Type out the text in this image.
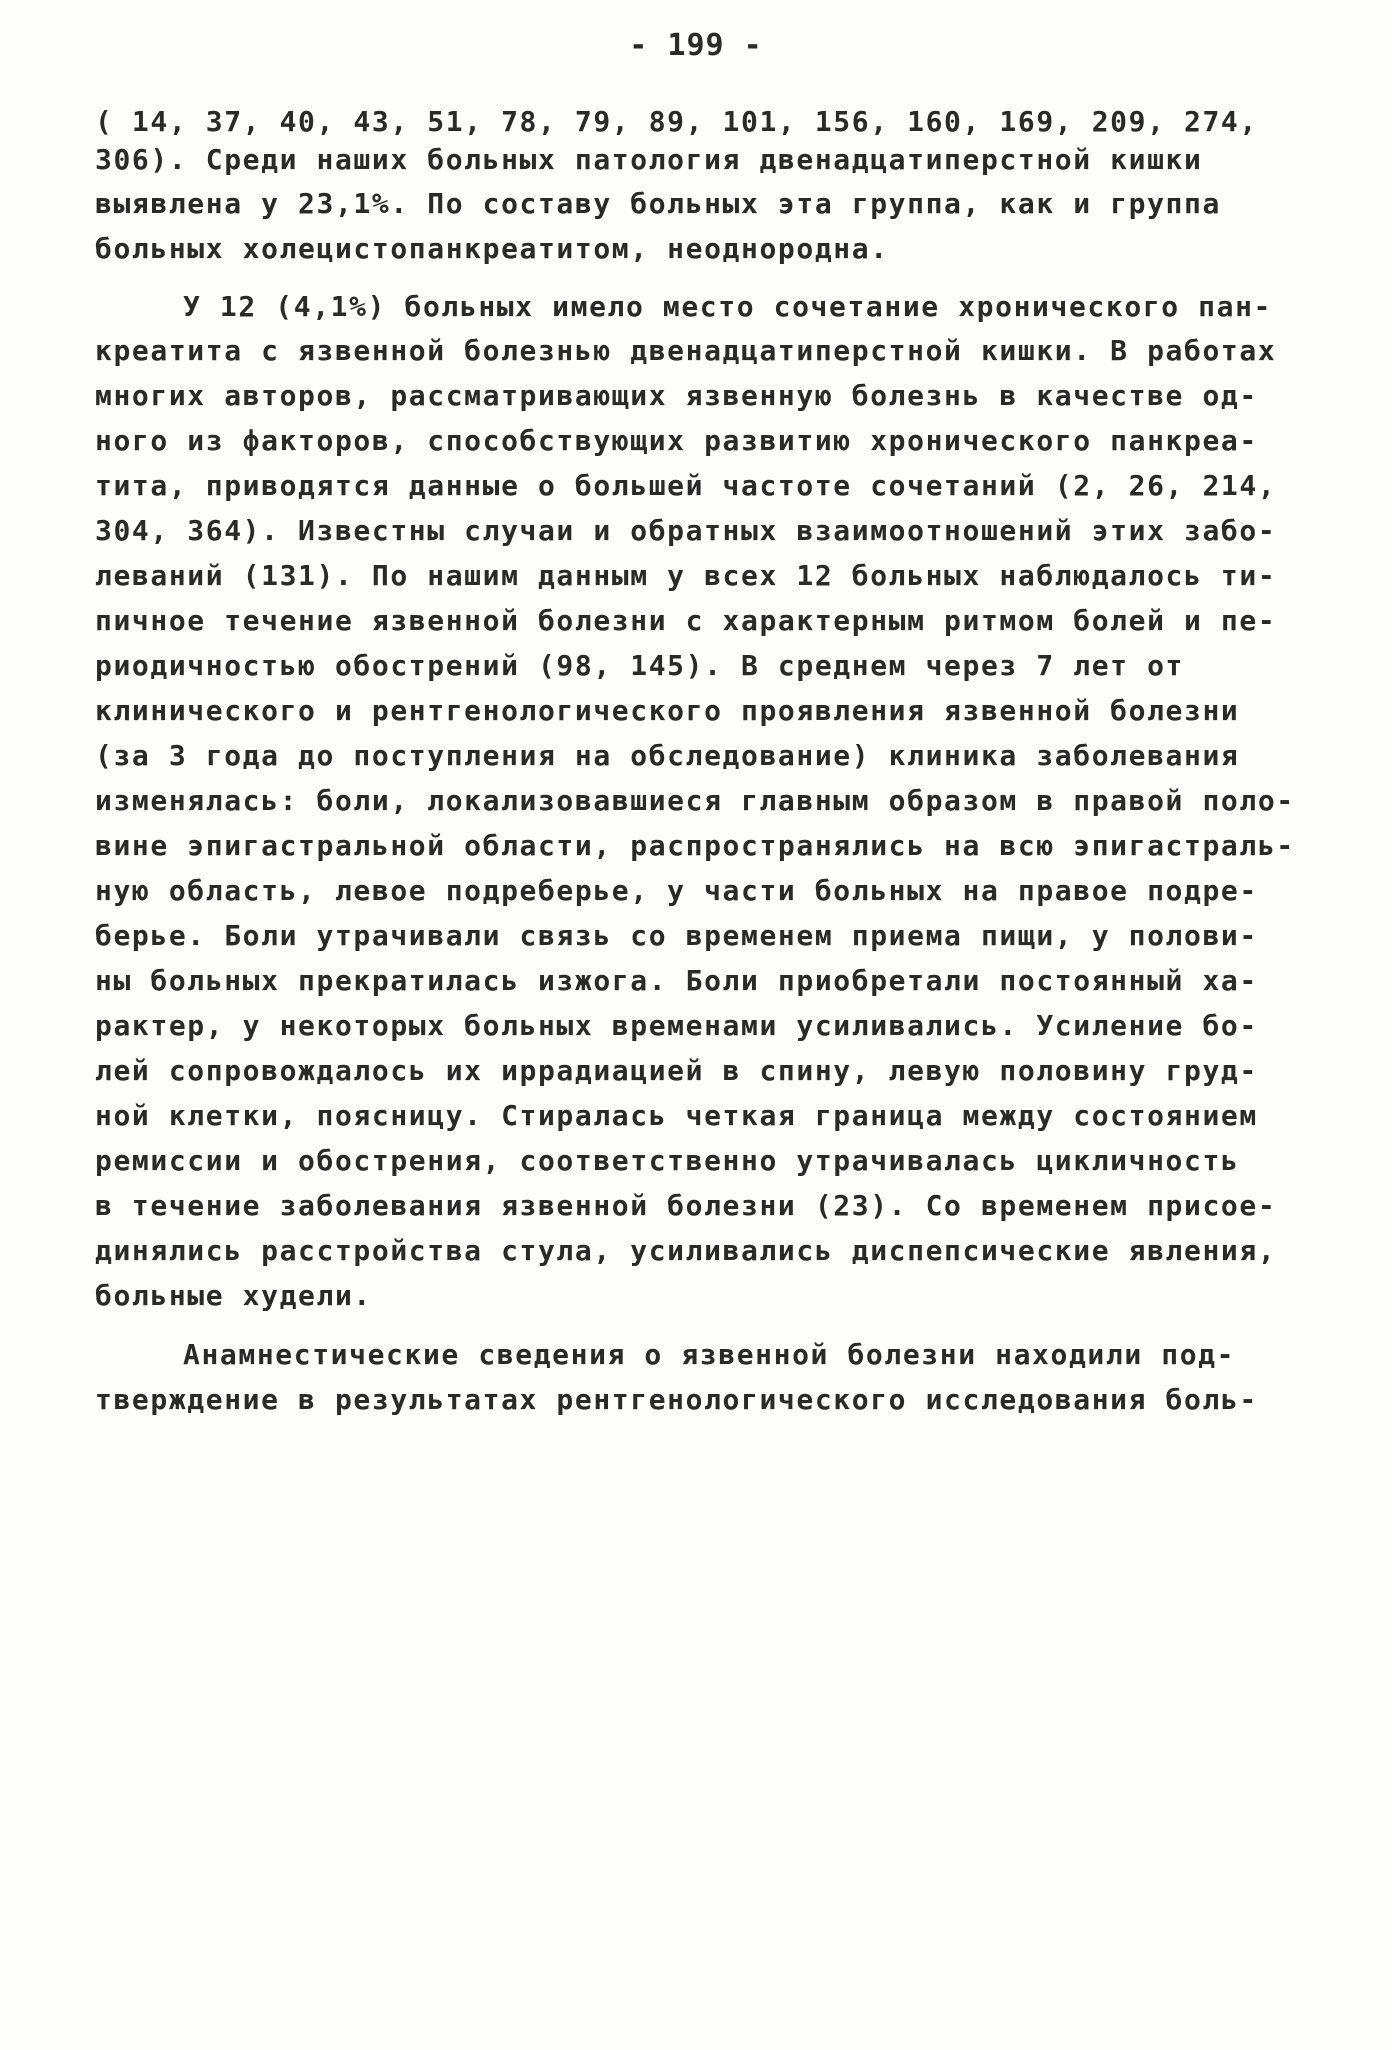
- 199 -
( 14, 37, 40, 43, 51, 78, 79, 89, 101, 156, 160, 169, 209, 274,
306). Среди наших больных патология двенадцатиперстной кишки
выявлена у 23,1%. По составу больных эта группа, как и группа
больных холецистопанкреатитом, неоднородна.
У 12 (4,1%) больных имело место сочетание хронического пан-
креатита с язвенной болезнью двенадцатиперстной кишки. В работах
многих авторов, рассматривающих язвенную болезнь в качестве од-
ного из факторов, способствующих развитию хронического панкреа-
тита, приводятся данные о большей частоте сочетаний (2, 26, 214,
304, 364). Известны случаи и обратных взаимоотношений этих забо-
леваний (131). По нашим данным у всех 12 больных наблюдалось ти-
пичное течение язвенной болезни с характерным ритмом болей и пе-
риодичностью обострений (98, 145). В среднем через 7 лет от
клинического и рентгенологического проявления язвенной болезни
(за 3 года до поступления на обследование) клиника заболевания
изменялась: боли, локализовавшиеся главным образом в правой поло-
вине эпигастральной области, распространялись на всю эпигастраль-
ную область, левое подреберье, у части больных на правое подре-
берье. Боли утрачивали связь со временем приема пищи, у полови-
ны больных прекратилась изжога. Боли приобретали постоянный ха-
рактер, у некоторых больных временами усиливались. Усиление бо-
лей сопровождалось их иррадиацией в спину, левую половину груд-
ной клетки, поясницу. Стиралась четкая граница между состоянием
ремиссии и обострения, соответственно утрачивалась цикличность
в течение заболевания язвенной болезни (23). Со временем присое-
динялись расстройства стула, усиливались диспепсические явления,
больные худели.
Анамнестические сведения о язвенной болезни находили под-
тверждение в результатах рентгенологического исследования боль-
